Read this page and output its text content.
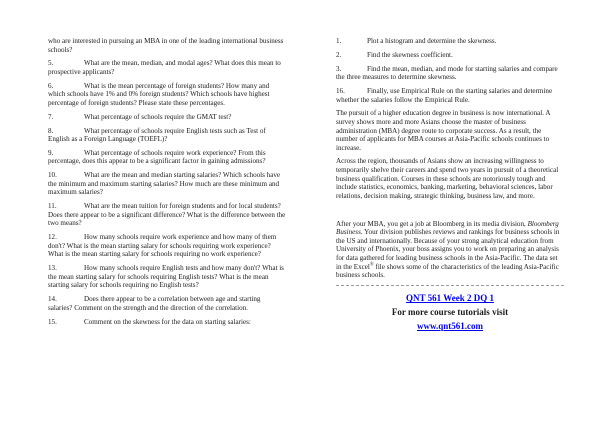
who are interested in pursuing an MBA in one of the leading international business schools?

5.	What are the mean, median, and modal ages? What does this mean to prospective applicants?

6.	What is the mean percentage of foreign students? How many and which schools have 1% and 0% foreign students? Which schools have highest percentage of foreign students? Please state these percentages.

7.	What percentage of schools require the GMAT test?

8.	What percentage of schools require English tests such as Test of English as a Foreign Language (TOEFL)?

9.	What percentage of schools require work experience? From this percentage, does this appear to be a significant factor in gaining admissions?

10.	What are the mean and median starting salaries? Which schools have the minimum and maximum starting salaries? How much are these minimum and maximum salaries?

11.	What are the mean tuition for foreign students and for local students? Does there appear to be a significant difference? What is the difference between the two means?

12.	How many schools require work experience and how many of them don't? What is the mean starting salary for schools requiring work experience? What is the mean starting salary for schools requiring no work experience?

13.	How many schools require English tests and how many don't? What is the mean starting salary for schools requiring English tests? What is the mean starting salary for schools requiring no English tests?

14.	Does there appear to be a correlation between age and starting salaries? Comment on the strength and the direction of the correlation.

15.	Comment on the skewness for the data on starting salaries:

1.	Plot a histogram and determine the skewness.

2.	Find the skewness coefficient.

3.	Find the mean, median, and mode for starting salaries and compare the three measures to determine skewness.

16.	Finally, use Empirical Rule on the starting salaries and determine whether the salaries follow the Empirical Rule.

The pursuit of a higher education degree in business is now international. A survey shows more and more Asians choose the master of business administration (MBA) degree route to corporate success. As a result, the number of applicants for MBA courses at Asia-Pacific schools continues to increase.

Across the region, thousands of Asians show an increasing willingness to temporarily shelve their careers and spend two years in pursuit of a theoretical business qualification. Courses in these schools are notoriously tough and include statistics, economics, banking, marketing, behavioral sciences, labor relations, decision making, strategic thinking, business law, and more.

After your MBA, you get a job at Bloomberg in its media division, Bloomberg Business. Your division publishes reviews and rankings for business schools in the US and internationally. Because of your strong analytical education from University of Phoenix, your boss assigns you to work on preparing an analysis for data gathered for leading business schools in the Asia-Pacific. The data set in the Excel® file shows some of the characteristics of the leading Asia-Pacific business schools.

QNT 561 Week 2 DQ 1

For more course tutorials visit

www.qnt561.com
